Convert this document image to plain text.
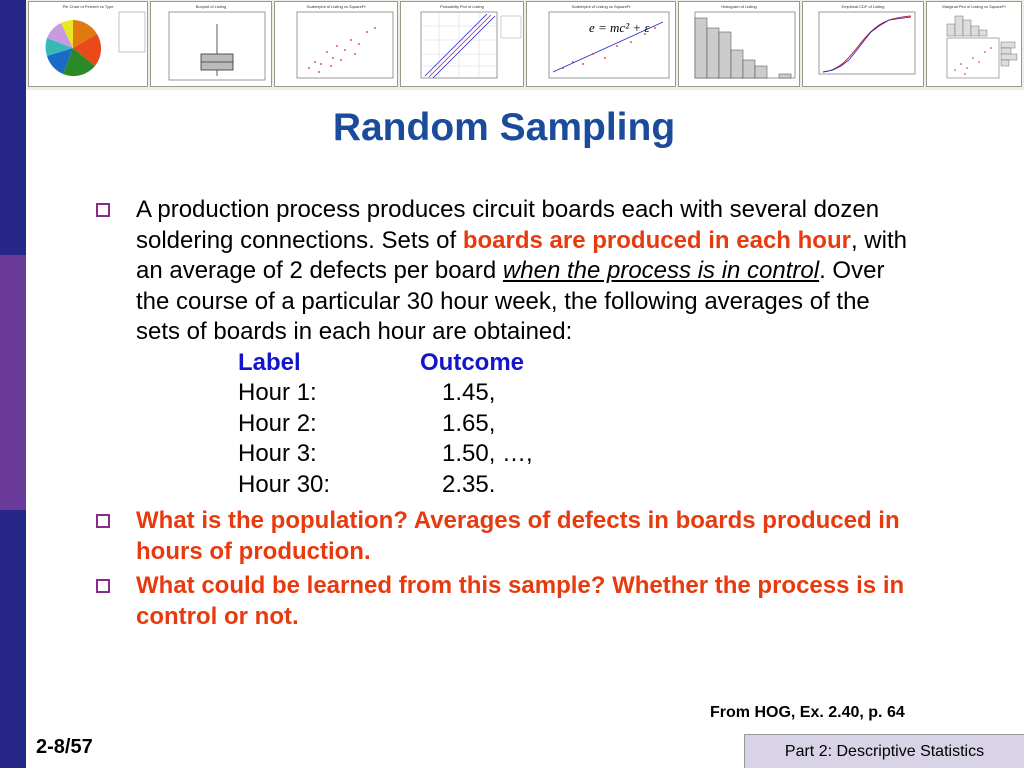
Pie Chart of Percent vs Type	Boxplot of Listing	Scatterplot of Listing vs SquareFt	Probability Plot of Listing	Scatterplot of Listing vs SquareFt
e = mc² + ε
Histogram of Listing	Empirical CDF of Listing	Marginal Plot of Listing vs SquareFt
Random Sampling
A production process produces circuit boards each with several dozen soldering connections. Sets of boards are produced in each hour, with an average of 2 defects per board when the process is in control. Over the course of a particular 30 hour week, the following averages of the sets of boards in each hour are obtained:
Label	Outcome
Hour 1:	1.45,
Hour 2:	1.65,
Hour 3:	1.50, …,
Hour 30:	2.35.
What is the population? Averages of defects in boards produced in hours of production.
What could be learned from this sample? Whether the process is in control or not.
From HOG, Ex. 2.40, p. 64
2-8/57	Part 2: Descriptive Statistics
